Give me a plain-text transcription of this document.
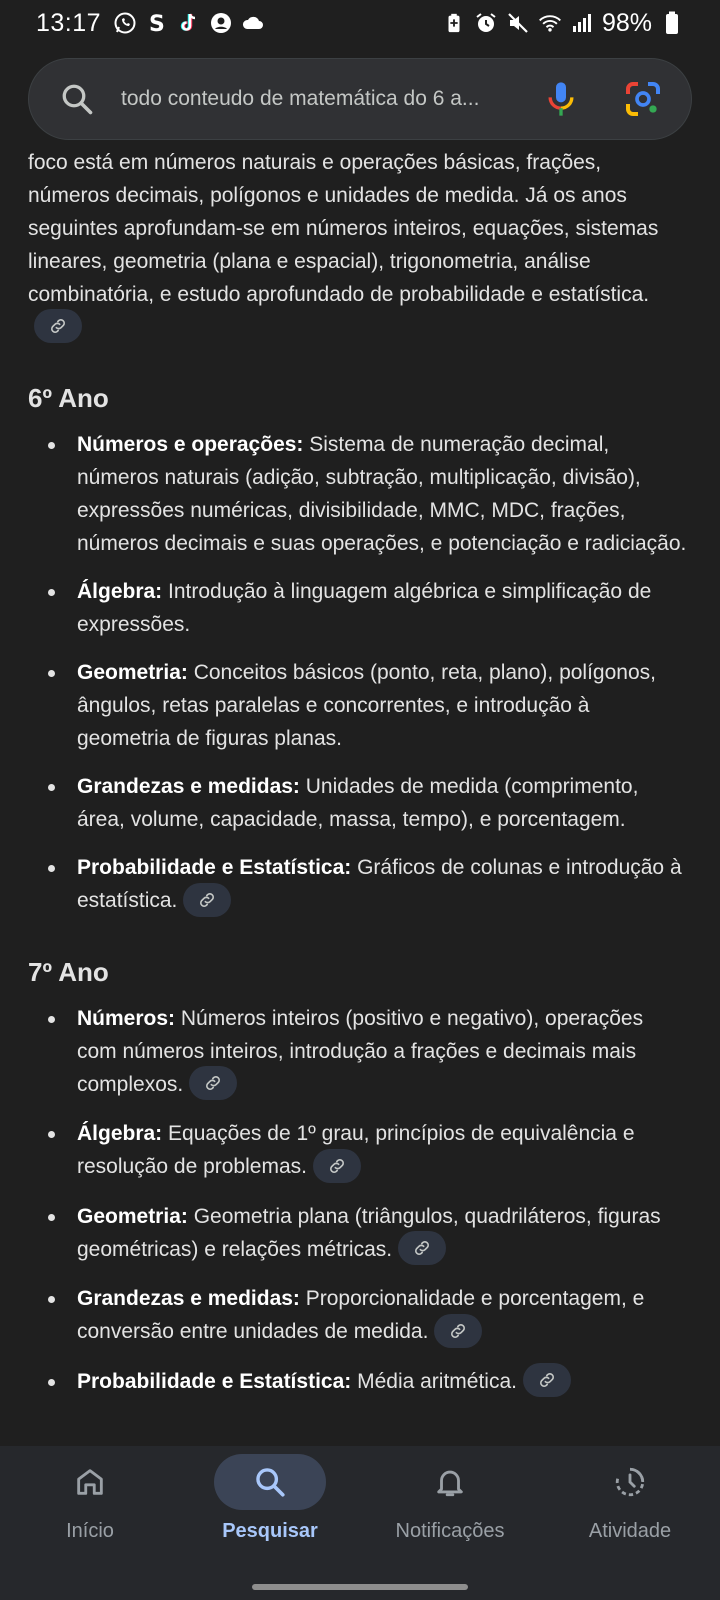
13:17 S	98%
todo conteudo de matemática do 6 a...

foco está em números naturais e operações básicas, frações, números decimais, polígonos e unidades de medida. Já os anos seguintes aprofundam-se em números inteiros, equações, sistemas lineares, geometria (plana e espacial), trigonometria, análise combinatória, e estudo aprofundado de probabilidade e estatística.

6º Ano
Números e operações: Sistema de numeração decimal, números naturais (adição, subtração, multiplicação, divisão), expressões numéricas, divisibilidade, MMC, MDC, frações, números decimais e suas operações, e potenciação e radiciação.
Álgebra: Introdução à linguagem algébrica e simplificação de expressões.
Geometria: Conceitos básicos (ponto, reta, plano), polígonos, ângulos, retas paralelas e concorrentes, e introdução à geometria de figuras planas.
Grandezas e medidas: Unidades de medida (comprimento, área, volume, capacidade, massa, tempo), e porcentagem.
Probabilidade e Estatística: Gráficos de colunas e introdução à estatística.
7º Ano
Números: Números inteiros (positivo e negativo), operações com números inteiros, introdução a frações e decimais mais complexos.
Álgebra: Equações de 1º grau, princípios de equivalência e resolução de problemas.
Geometria: Geometria plana (triângulos, quadriláteros, figuras geométricas) e relações métricas.
Grandezas e medidas: Proporcionalidade e porcentagem, e conversão entre unidades de medida.
Probabilidade e Estatística: Média aritmética.
Início	Pesquisar	Notificações	Atividade
